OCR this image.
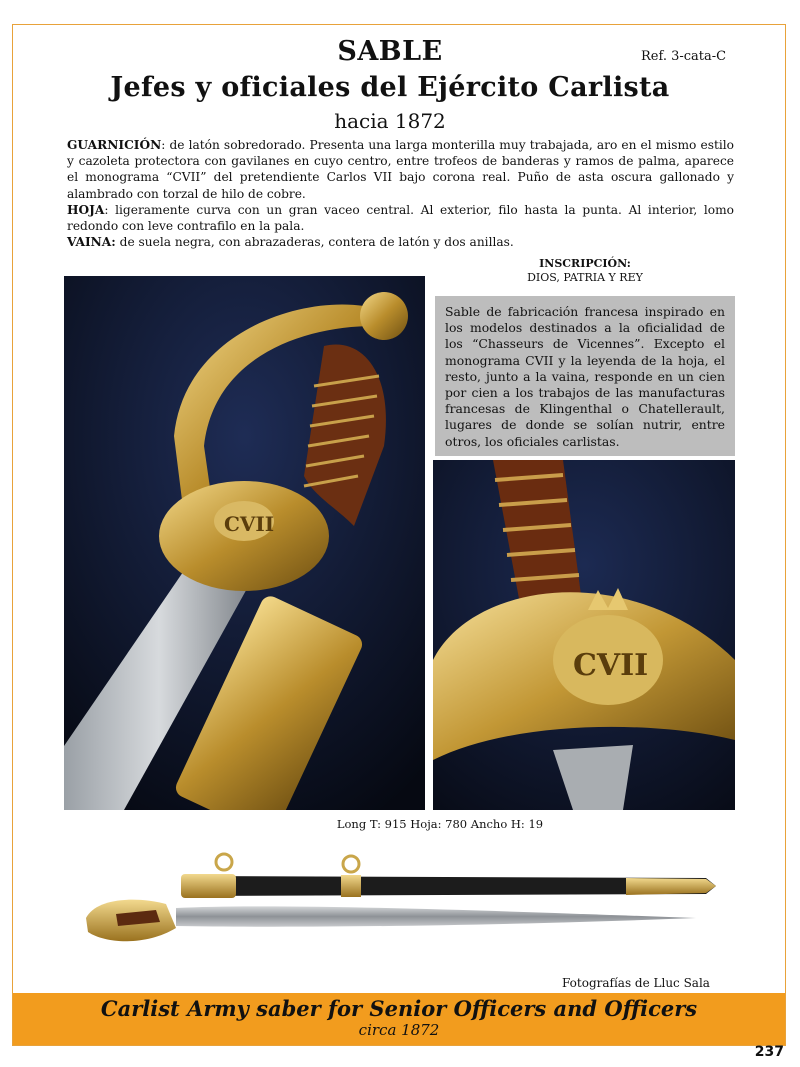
SABLE	Ref. 3-cata-C
Jefes y oficiales del Ejército Carlista
hacia 1872
GUARNICIÓN: de latón sobredorado. Presenta una larga monterilla muy trabajada, aro en el mismo estilo y cazoleta protectora con gavilanes en cuyo centro, entre trofeos de banderas y ramos de palma, aparece el monograma “CVII” del pretendiente Carlos VII bajo corona real. Puño de asta oscura gallonado y alambrado con torzal de hilo de cobre.
HOJA: ligeramente curva con un gran vaceo central. Al exterior, filo hasta la punta. Al interior, lomo redondo con leve contrafilo en la pala.
VAINA: de suela negra, con abrazaderas, contera de latón y dos anillas.
INSCRIPCIÓN:
DIOS, PATRIA Y REY
CVII
Sable de fabricación francesa inspirado en los modelos destinados a la oficialidad de los “Chasseurs de Vicennes”. Excepto el monograma CVII y la leyenda de la hoja, el resto, junto a la vaina, responde en un cien por cien a los trabajos de las manufacturas francesas de Klingenthal o Chatellerault, lugares de donde se solían nutrir, entre otros, los oficiales carlistas.
CVII
Long T: 915 Hoja: 780 Ancho H: 19
Fotografías de Lluc Sala
Carlist Army saber for Senior Officers and Officers
circa 1872
237
